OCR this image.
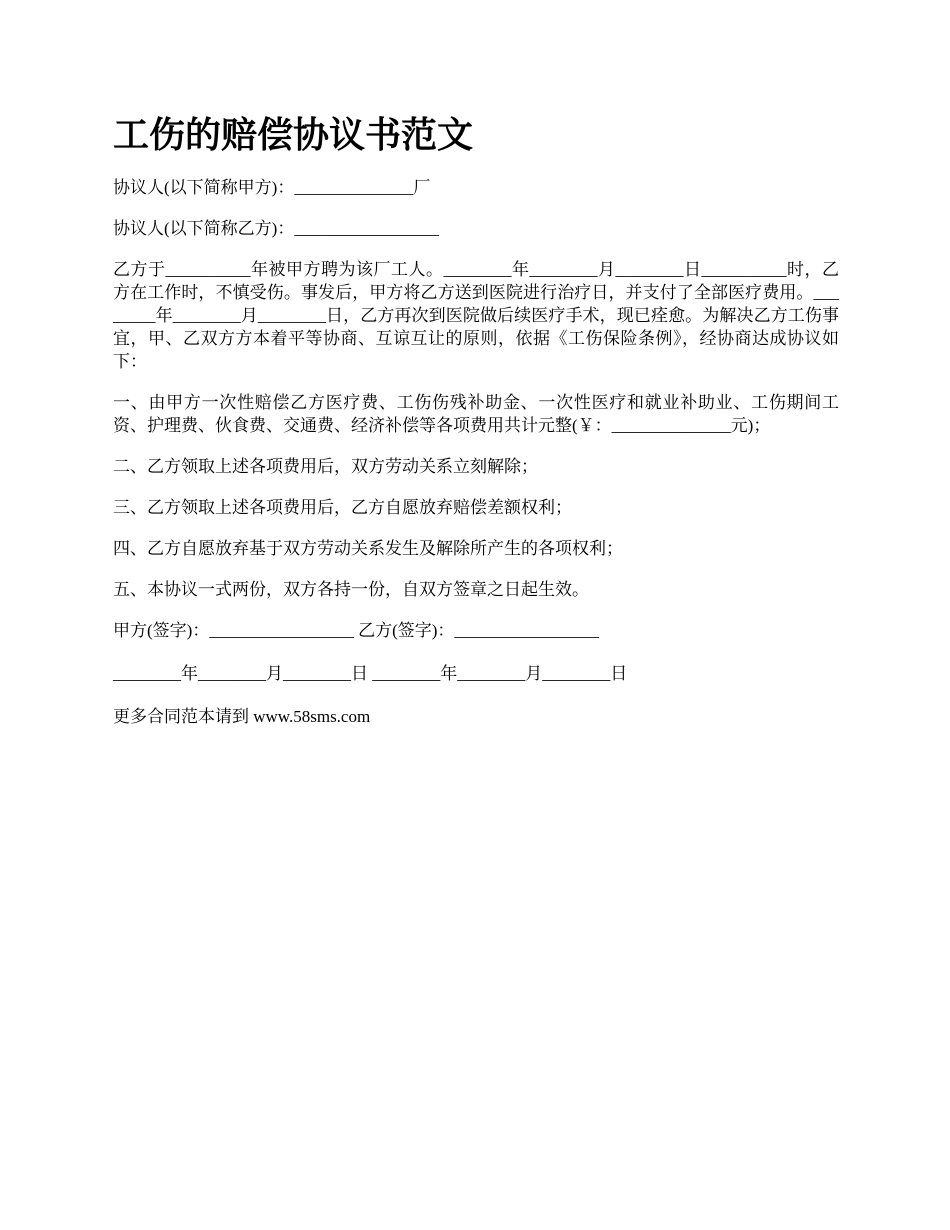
工伤的赔偿协议书范文

协议人(以下简称甲方)：______________厂

协议人(以下简称乙方)：_________________

乙方于__________年被甲方聘为该厂工人。________年________月________日__________时，乙方在工作时，不慎受伤。事发后，甲方将乙方送到医院进行治疗日，并支付了全部医疗费用。________年________月________日，乙方再次到医院做后续医疗手术，现已痊愈。为解决乙方工伤事宜，甲、乙双方方本着平等协商、互谅互让的原则，依据《工伤保险条例》，经协商达成协议如下：

一、由甲方一次性赔偿乙方医疗费、工伤伤残补助金、一次性医疗和就业补助业、工伤期间工资、护理费、伙食费、交通费、经济补偿等各项费用共计元整(￥：______________元)；

二、乙方领取上述各项费用后，双方劳动关系立刻解除；

三、乙方领取上述各项费用后，乙方自愿放弃赔偿差额权利；

四、乙方自愿放弃基于双方劳动关系发生及解除所产生的各项权利；

五、本协议一式两份，双方各持一份，自双方签章之日起生效。

甲方(签字)：_________________ 乙方(签字)：_________________

________年________月________日 ________年________月________日

更多合同范本请到 www.58sms.com
